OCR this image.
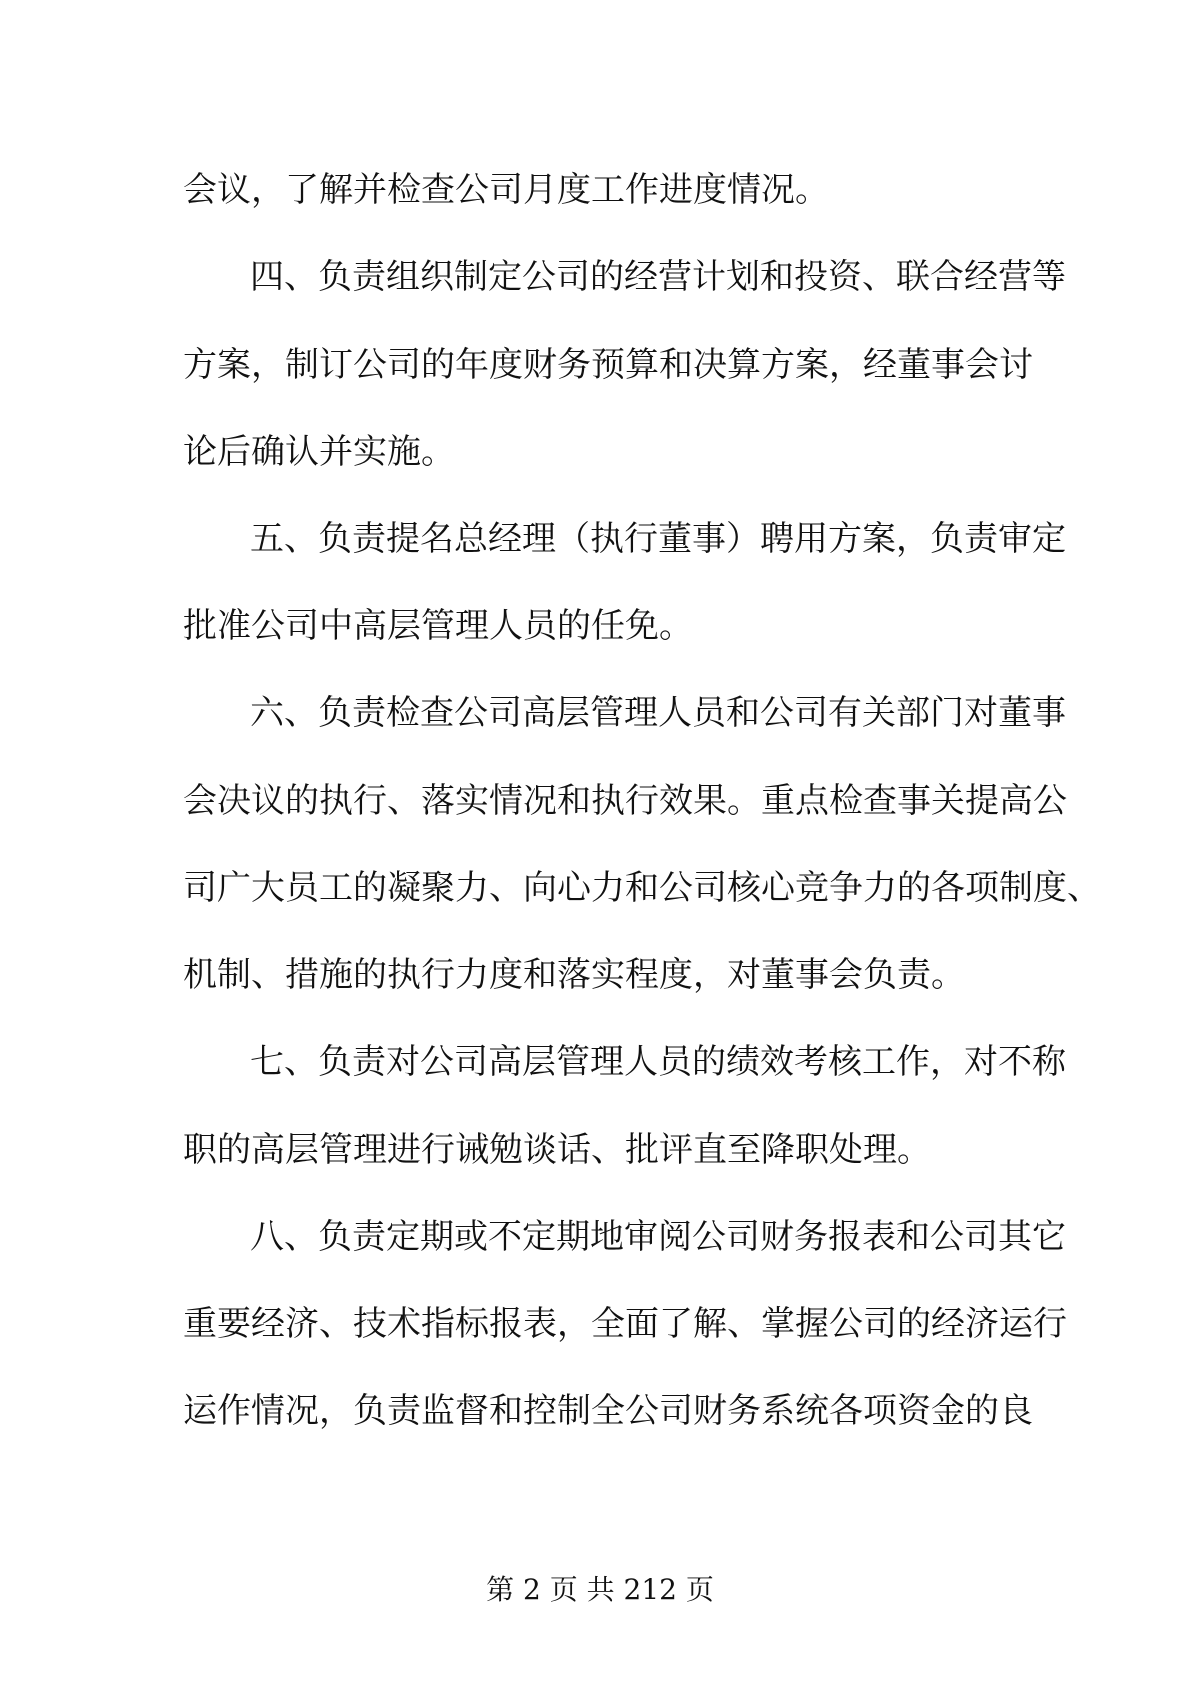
会议，了解并检查公司月度工作进度情况。
四、负责组织制定公司的经营计划和投资、联合经营等
方案，制订公司的年度财务预算和决算方案，经董事会讨
论后确认并实施。
五、负责提名总经理（执行董事）聘用方案，负责审定
批准公司中高层管理人员的任免。
六、负责检查公司高层管理人员和公司有关部门对董事
会决议的执行、落实情况和执行效果。重点检查事关提高公
司广大员工的凝聚力、向心力和公司核心竞争力的各项制度、
机制、措施的执行力度和落实程度，对董事会负责。
七、负责对公司高层管理人员的绩效考核工作，对不称
职的高层管理进行诫勉谈话、批评直至降职处理。
八、负责定期或不定期地审阅公司财务报表和公司其它
重要经济、技术指标报表，全面了解、掌握公司的经济运行
运作情况，负责监督和控制全公司财务系统各项资金的良
第 2 页 共 212 页
